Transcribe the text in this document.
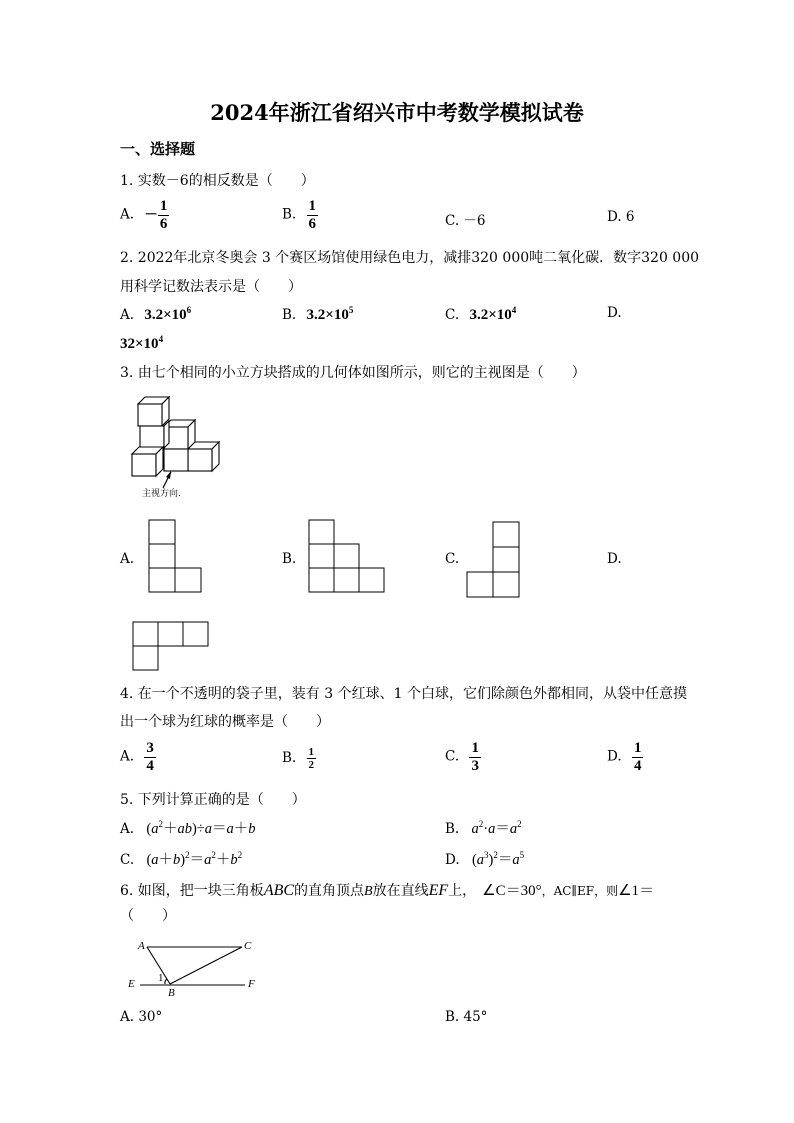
2024年浙江省绍兴市中考数学模拟试卷
一、选择题
1. 实数－6的相反数是（　　）
A. － $\frac{1}{6}$	B. $\frac{1}{6}$	C. －6	D. 6
2. 2022年北京冬奥会 3 个赛区场馆使用绿色电力，减排320 000吨二氧化碳．数字320 000
用科学记数法表示是（　　）
A. $3.2\times 10^6$	B. $3.2\times 10^5$	C. $3.2\times 10^4$	D.
$32\times 10^4$
3. 由七个相同的小立方块搭成的几何体如图所示，则它的主视图是（　　）
主视方向.
A.	B.	C.	D.
4. 在一个不透明的袋子里，装有 3 个红球、1 个白球，它们除颜色外都相同，从袋中任意摸
出一个球为红球的概率是（　　）
A. $\frac{3}{4}$	B. $\frac{1}{2}$	C. $\frac{1}{3}$	D. $\frac{1}{4}$
5. 下列计算正确的是（　　）
A. $(a^2+ab)\div a=a+b$	B. $a^2\cdot a=a^2$
C. $(a+b)^2=a^2+b^2$	D. $(a^3)^2=a^5$
6. 如图，把一块三角板ABC的直角顶点B放在直线EF上， ∠C＝30°，AC∥EF，则∠1＝
（　　）
A	C
E	F
B
1
A. 30°	B. 45°
